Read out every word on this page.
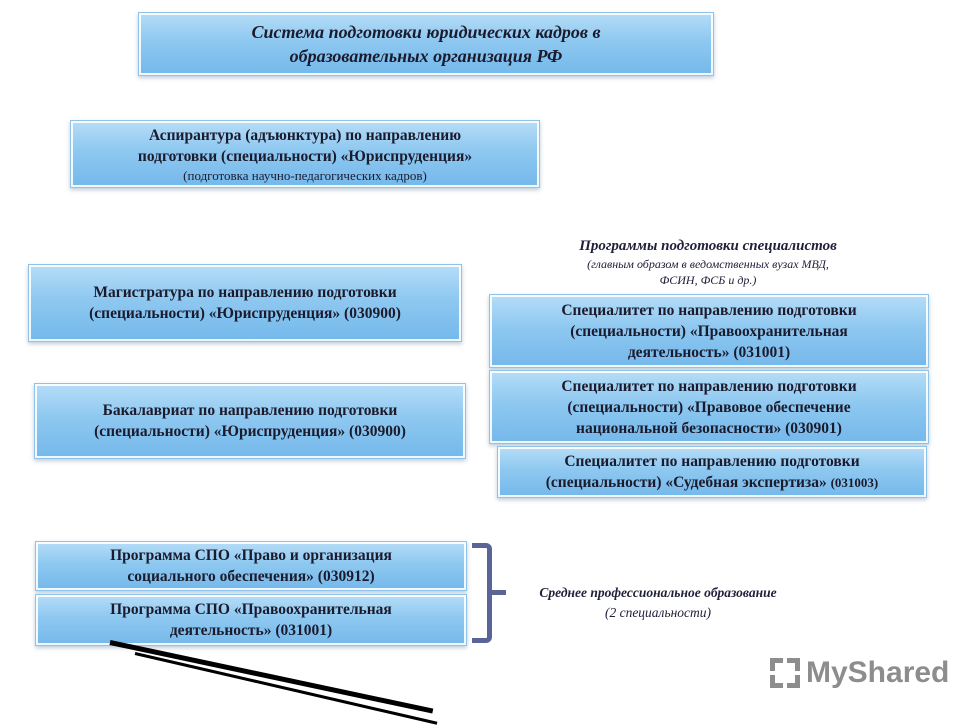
Система подготовки юридических кадров в
образовательных организация РФ
Аспирантура (адъюнктура) по направлению
подготовки (специальности) «Юриспруденция»
(подготовка научно-педагогических кадров)
Программы подготовки специалистов
(главным образом в ведомственных вузах МВД,
ФСИН, ФСБ и др.)
Магистратура по направлению подготовки
(специальности) «Юриспруденция» (030900)
Бакалавриат по направлению подготовки
(специальности) «Юриспруденция» (030900)
Специалитет по направлению подготовки
(специальности) «Правоохранительная
деятельность» (031001)
Специалитет по направлению подготовки
(специальности) «Правовое обеспечение
национальной безопасности» (030901)
Специалитет по направлению подготовки
(специальности) «Судебная экспертиза» (031003)
Программа СПО «Право и организация
социального обеспечения» (030912)
Программа СПО «Правоохранительная
деятельность» (031001)
Среднее профессиональное образование
(2 специальности)
MyShared
